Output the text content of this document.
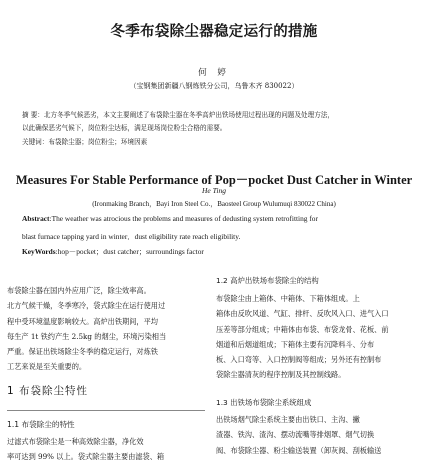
冬季布袋除尘器稳定运行的措施
何 婷
（宝钢集团新疆八钢炼铁分公司，乌鲁木齐 830022）
摘 要：北方冬季气候恶劣，本文主要阐述了布袋除尘器在冬季高炉出铁场使用过程出现的问题及处理方法，
以此确保恶劣气候下，岗位粉尘达标，满足现场岗位粉尘合格的需要。
关键词：布袋除尘器；岗位粉尘；环境因素
Measures For Stable Performance of Pop－pocket Dust Catcher in Winter
He Ting
(Ironmaking Branch，Bayi Iron Steel Co.，Baosteel Group Wulumuqi 830022 China)
Abstract:The weather was atrocious the problems and measures of dedusting system retrofitting for
blast furnace tapping yard in winter．dust eligibility rate reach eligibility.
KeyWords:hop－pocket；dust catcher；surroundings factor

布袋除尘器在国内外应用广泛，除尘效率高。

北方气候干燥，冬季寒冷，袋式除尘在运行使用过

程中受环境温度影响较大。高炉出铁期间，平均

每生产 1t 铁约产生 2.5kg 的烟尘，环境污染相当

严重。保证出铁场除尘冬季的稳定运行，对炼铁

工艺来说是至关重要的。

1 布袋除尘特性
1.1 布袋除尘的特性

过滤式布袋除尘是一种高效除尘器，净化效

率可达到 99% 以上。袋式除尘器主要由滤袋、箱

1.2 高炉出铁场布袋除尘的结构

布袋除尘由上箱体、中箱体、下箱体组成。上

箱体由反吹风道、气缸、排杆、反吹风入口、进气入口

压差等部分组成；中箱体由布袋、布袋龙骨、花板、前

烟道和后烟道组成；下箱体主要有沉降料斗、分布

板、入口弯等、入口控制阀等组成；另外还有控制布

袋除尘器清灰的程序控制及其控制线路。

1.3 出铁场布袋除尘系统组成

出铁场烟气除尘系统主要由出铁口、主沟、撇

渣器、铁沟、渣沟、摆动流嘴等排烟罩、烟气切换

阀、布袋除尘器、粉尘输送装置（卸灰阀、刮板输送
